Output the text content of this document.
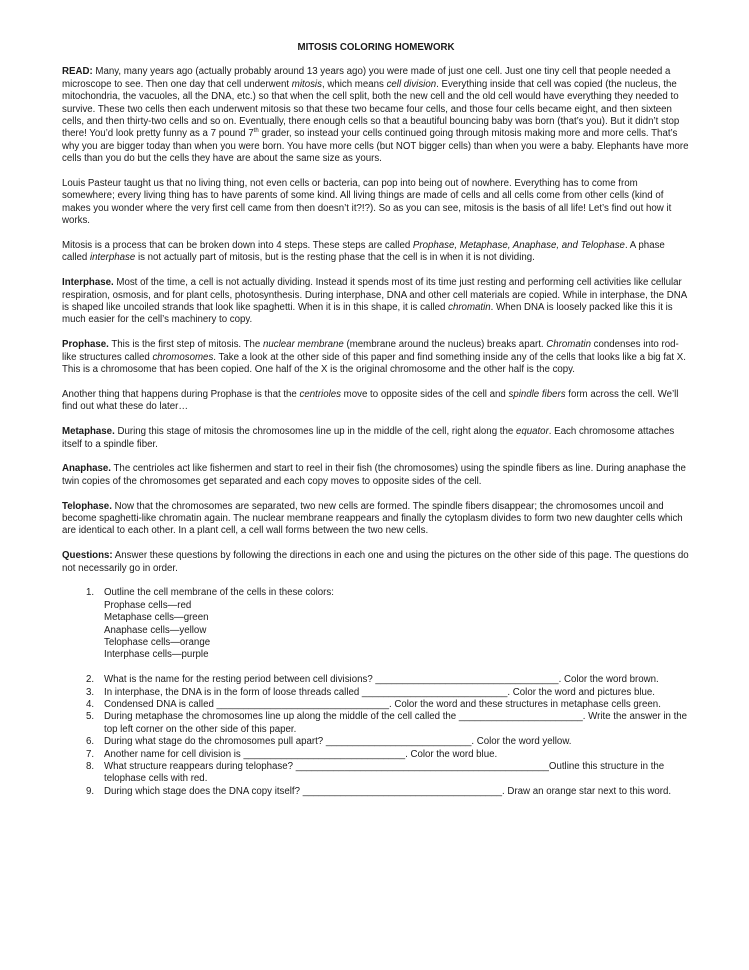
MITOSIS COLORING HOMEWORK

READ: Many, many years ago (actually probably around 13 years ago) you were made of just one cell. Just one tiny cell that people needed a microscope to see. Then one day that cell underwent mitosis, which means cell division. Everything inside that cell was copied (the nucleus, the mitochondria, the vacuoles, all the DNA, etc.) so that when the cell split, both the new cell and the old cell would have everything they needed to survive. These two cells then each underwent mitosis so that these two became four cells, and those four cells became eight, and then sixteen cells, and then thirty-two cells and so on. Eventually, there enough cells so that a beautiful bouncing baby was born (that’s you). But it didn’t stop there! You’d look pretty funny as a 7 pound 7th grader, so instead your cells continued going through mitosis making more and more cells. That’s why you are bigger today than when you were born. You have more cells (but NOT bigger cells) than when you were a baby. Elephants have more cells than you do but the cells they have are about the same size as yours.

Louis Pasteur taught us that no living thing, not even cells or bacteria, can pop into being out of nowhere. Everything has to come from somewhere; every living thing has to have parents of some kind. All living things are made of cells and all cells come from other cells (kind of makes you wonder where the very first cell came from then doesn’t it?!?). So as you can see, mitosis is the basis of all life! Let’s find out how it works.

Mitosis is a process that can be broken down into 4 steps. These steps are called Prophase, Metaphase, Anaphase, and Telophase. A phase called interphase is not actually part of mitosis, but is the resting phase that the cell is in when it is not dividing.

Interphase. Most of the time, a cell is not actually dividing. Instead it spends most of its time just resting and performing cell activities like cellular respiration, osmosis, and for plant cells, photosynthesis. During interphase, DNA and other cell materials are copied. While in interphase, the DNA is shaped like uncoiled strands that look like spaghetti. When it is in this shape, it is called chromatin. When DNA is loosely packed like this it is much easier for the cell’s machinery to copy.

Prophase. This is the first step of mitosis. The nuclear membrane (membrane around the nucleus) breaks apart. Chromatin condenses into rod-like structures called chromosomes. Take a look at the other side of this paper and find something inside any of the cells that looks like a big fat X. This is a chromosome that has been copied. One half of the X is the original chromosome and the other half is the copy.

Another thing that happens during Prophase is that the centrioles move to opposite sides of the cell and spindle fibers form across the cell. We’ll find out what these do later…

Metaphase. During this stage of mitosis the chromosomes line up in the middle of the cell, right along the equator. Each chromosome attaches itself to a spindle fiber.

Anaphase. The centrioles act like fishermen and start to reel in their fish (the chromosomes) using the spindle fibers as line. During anaphase the twin copies of the chromosomes get separated and each copy moves to opposite sides of the cell.

Telophase. Now that the chromosomes are separated, two new cells are formed. The spindle fibers disappear; the chromosomes uncoil and become spaghetti-like chromatin again. The nuclear membrane reappears and finally the cytoplasm divides to form two new daughter cells which are identical to each other. In a plant cell, a cell wall forms between the two new cells.

Questions: Answer these questions by following the directions in each one and using the pictures on the other side of this page. The questions do not necessarily go in order.

1. Outline the cell membrane of the cells in these colors:
Prophase cells—red
Metaphase cells—green
Anaphase cells—yellow
Telophase cells—orange
Interphase cells—purple
2. What is the name for the resting period between cell divisions? __________________________________. Color the word brown.
3. In interphase, the DNA is in the form of loose threads called ___________________________. Color the word and pictures blue.
4. Condensed DNA is called ________________________________. Color the word and these structures in metaphase cells green.
5. During metaphase the chromosomes line up along the middle of the cell called the _______________________. Write the answer in the top left corner on the other side of this paper.
6. During what stage do the chromosomes pull apart? ___________________________. Color the word yellow.
7. Another name for cell division is ______________________________. Color the word blue.
8. What structure reappears during telophase? _______________________________________________Outline this structure in the telophase cells with red.
9. During which stage does the DNA copy itself? _____________________________________. Draw an orange star next to this word.
